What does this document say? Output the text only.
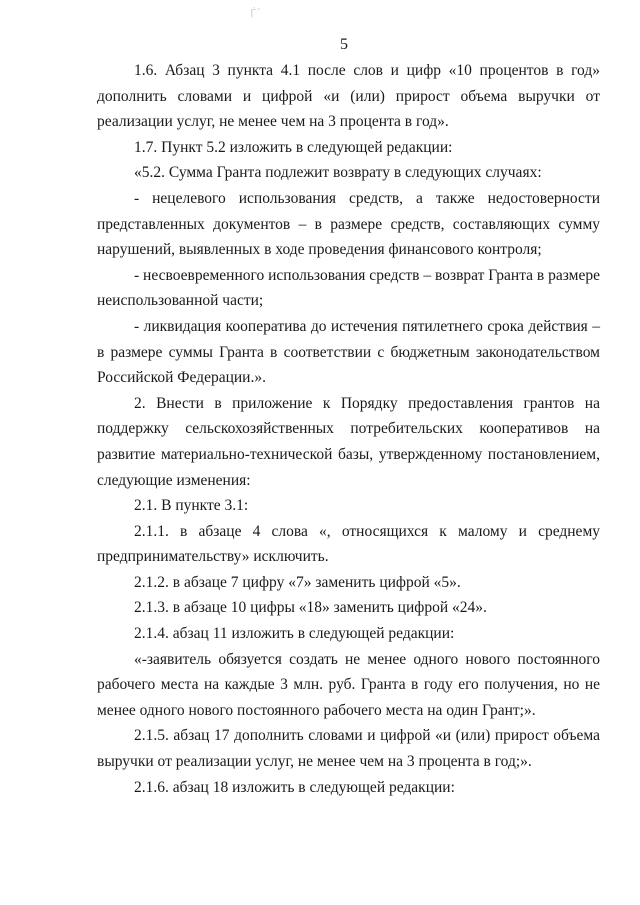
Ѓ ̉
5

1.6. Абзац 3 пункта 4.1 после слов и цифр «10 процентов в год» дополнить словами и цифрой «и (или) прирост объема выручки от реализации услуг, не менее чем на 3 процента в год».

1.7. Пункт 5.2 изложить в следующей редакции:

«5.2. Сумма Гранта подлежит возврату в следующих случаях:

- нецелевого использования средств, а также недостоверности представленных документов – в размере средств, составляющих сумму нарушений, выявленных в ходе проведения финансового контроля;

- несвоевременного использования средств – возврат Гранта в размере неиспользованной части;

- ликвидация кооператива до истечения пятилетнего срока действия – в размере суммы Гранта в соответствии с бюджетным законодательством Российской Федерации.».

2. Внести в приложение к Порядку предоставления грантов на поддержку сельскохозяйственных потребительских кооперативов на развитие материально-технической базы, утвержденному постановлением, следующие изменения:

2.1. В пункте 3.1:

2.1.1. в абзаце 4 слова «, относящихся к малому и среднему предпринимательству» исключить.

2.1.2. в абзаце 7 цифру «7» заменить цифрой «5».

2.1.3. в абзаце 10 цифры «18» заменить цифрой «24».

2.1.4. абзац 11 изложить в следующей редакции:

«-заявитель обязуется создать не менее одного нового постоянного рабочего места на каждые 3 млн. руб. Гранта в году его получения, но не менее одного нового постоянного рабочего места на один Грант;».

2.1.5. абзац 17 дополнить словами и цифрой «и (или) прирост объема выручки от реализации услуг, не менее чем на 3 процента в год;».

2.1.6. абзац 18 изложить в следующей редакции:
